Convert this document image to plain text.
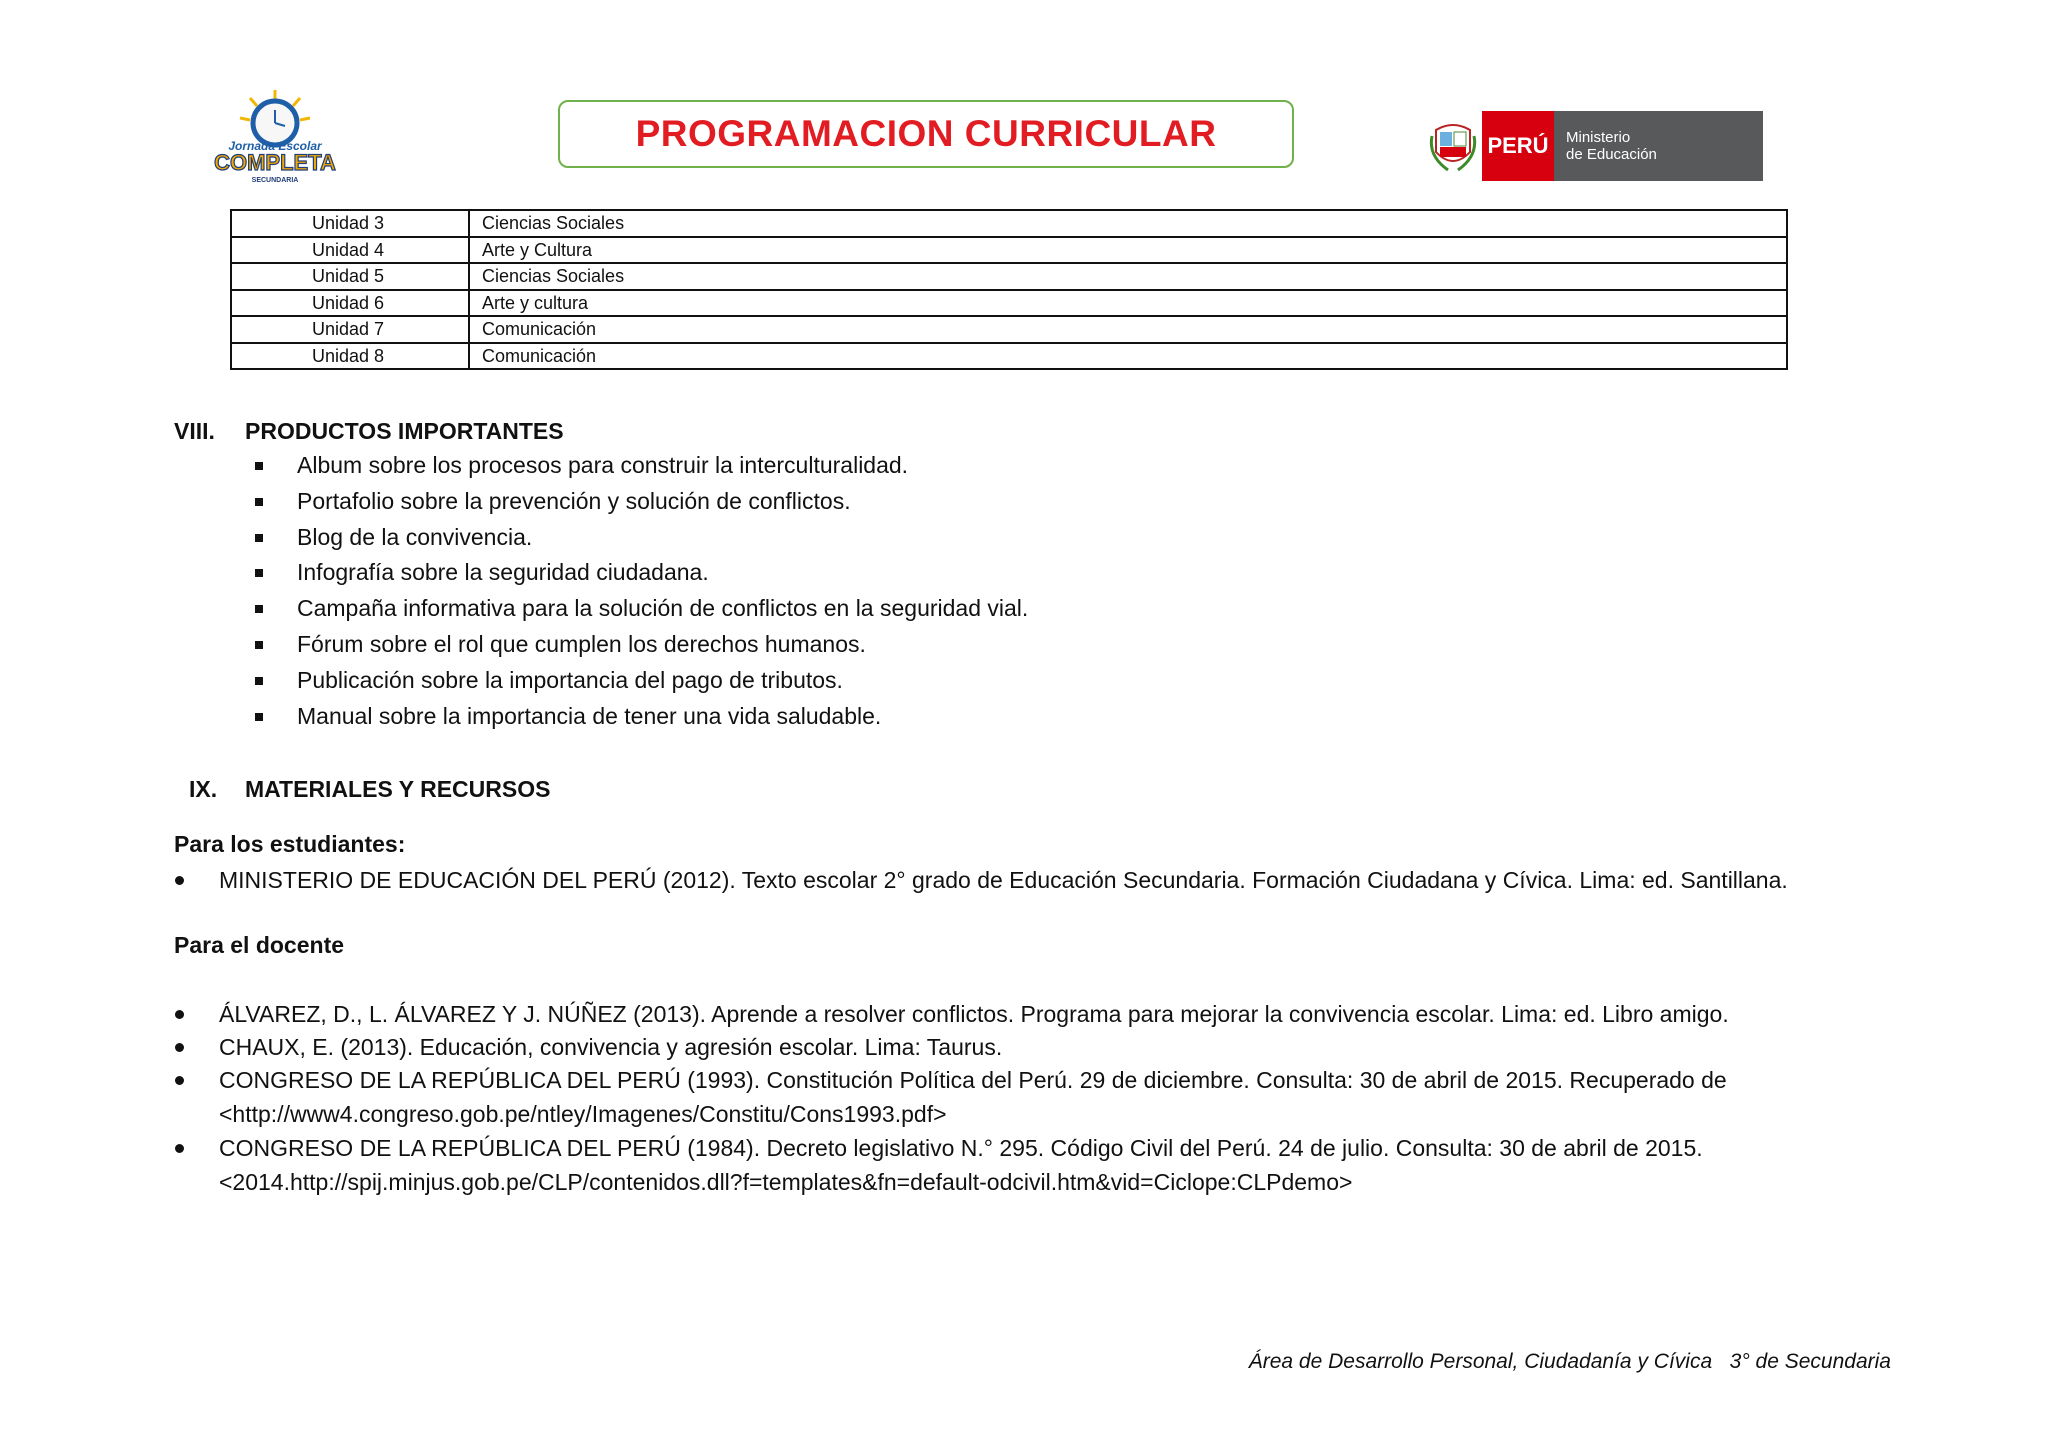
Jornada Escolar
COMPLETA
SECUNDARIA
PROGRAMACION CURRICULAR	PERÚ	Ministerio
de Educación
Unidad 3	Ciencias Sociales
Unidad 4	Arte y Cultura
Unidad 5	Ciencias Sociales
Unidad 6	Arte y cultura
Unidad 7	Comunicación
Unidad 8	Comunicación
VIII. PRODUCTOS IMPORTANTES
Album sobre los procesos para construir la interculturalidad.
Portafolio sobre la prevención y solución de conflictos.
Blog de la convivencia.
Infografía sobre la seguridad ciudadana.
Campaña informativa para la solución de conflictos en la seguridad vial.
Fórum sobre el rol que cumplen los derechos humanos.
Publicación sobre la importancia del pago de tributos.
Manual sobre la importancia de tener una vida saludable.
IX. MATERIALES Y RECURSOS
Para los estudiantes:
MINISTERIO DE EDUCACIÓN DEL PERÚ (2012). Texto escolar 2° grado de Educación Secundaria. Formación Ciudadana y Cívica. Lima: ed. Santillana.
Para el docente
ÁLVAREZ, D., L. ÁLVAREZ Y J. NÚÑEZ (2013). Aprende a resolver conflictos. Programa para mejorar la convivencia escolar. Lima: ed. Libro amigo.
CHAUX, E. (2013). Educación, convivencia y agresión escolar. Lima: Taurus.
CONGRESO DE LA REPÚBLICA DEL PERÚ (1993). Constitución Política del Perú. 29 de diciembre. Consulta: 30 de abril de 2015. Recuperado de
<http://www4.congreso.gob.pe/ntley/Imagenes/Constitu/Cons1993.pdf>
CONGRESO DE LA REPÚBLICA DEL PERÚ (1984). Decreto legislativo N.° 295. Código Civil del Perú. 24 de julio. Consulta: 30 de abril de 2015.
<2014.http://spij.minjus.gob.pe/CLP/contenidos.dll?f=templates&fn=default-odcivil.htm&vid=Ciclope:CLPdemo>
Área de Desarrollo Personal, Ciudadanía y Cívica 3° de Secundaria
